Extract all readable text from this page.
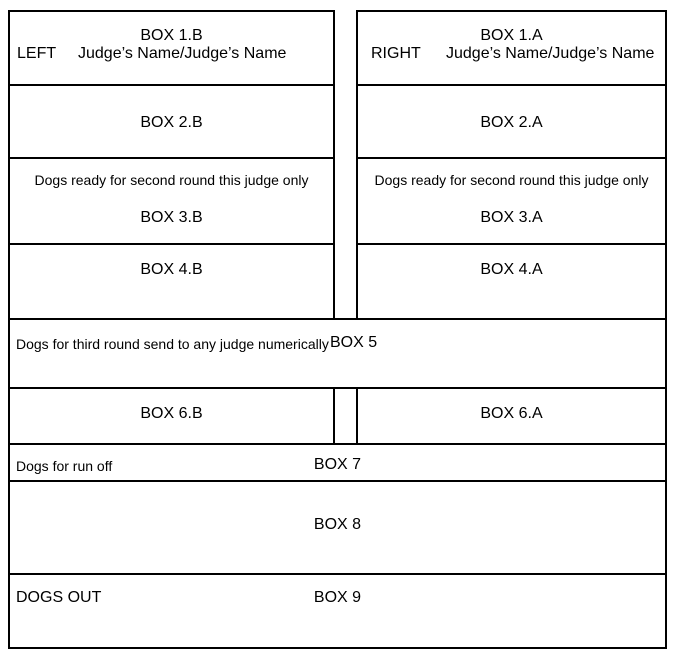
BOX 1.B
LEFT Judge’s Name/Judge’s Name
BOX 1.A
RIGHT Judge’s Name/Judge’s Name
BOX 2.B	BOX 2.A
Dogs ready for second round this judge only
BOX 3.B
Dogs ready for second round this judge only
BOX 3.A
BOX 4.B	BOX 4.A
Dogs for third round send to any judge numerically BOX 5
BOX 6.B	BOX 6.A
Dogs for run off	BOX 7
BOX 8
DOGS OUT	BOX 9
